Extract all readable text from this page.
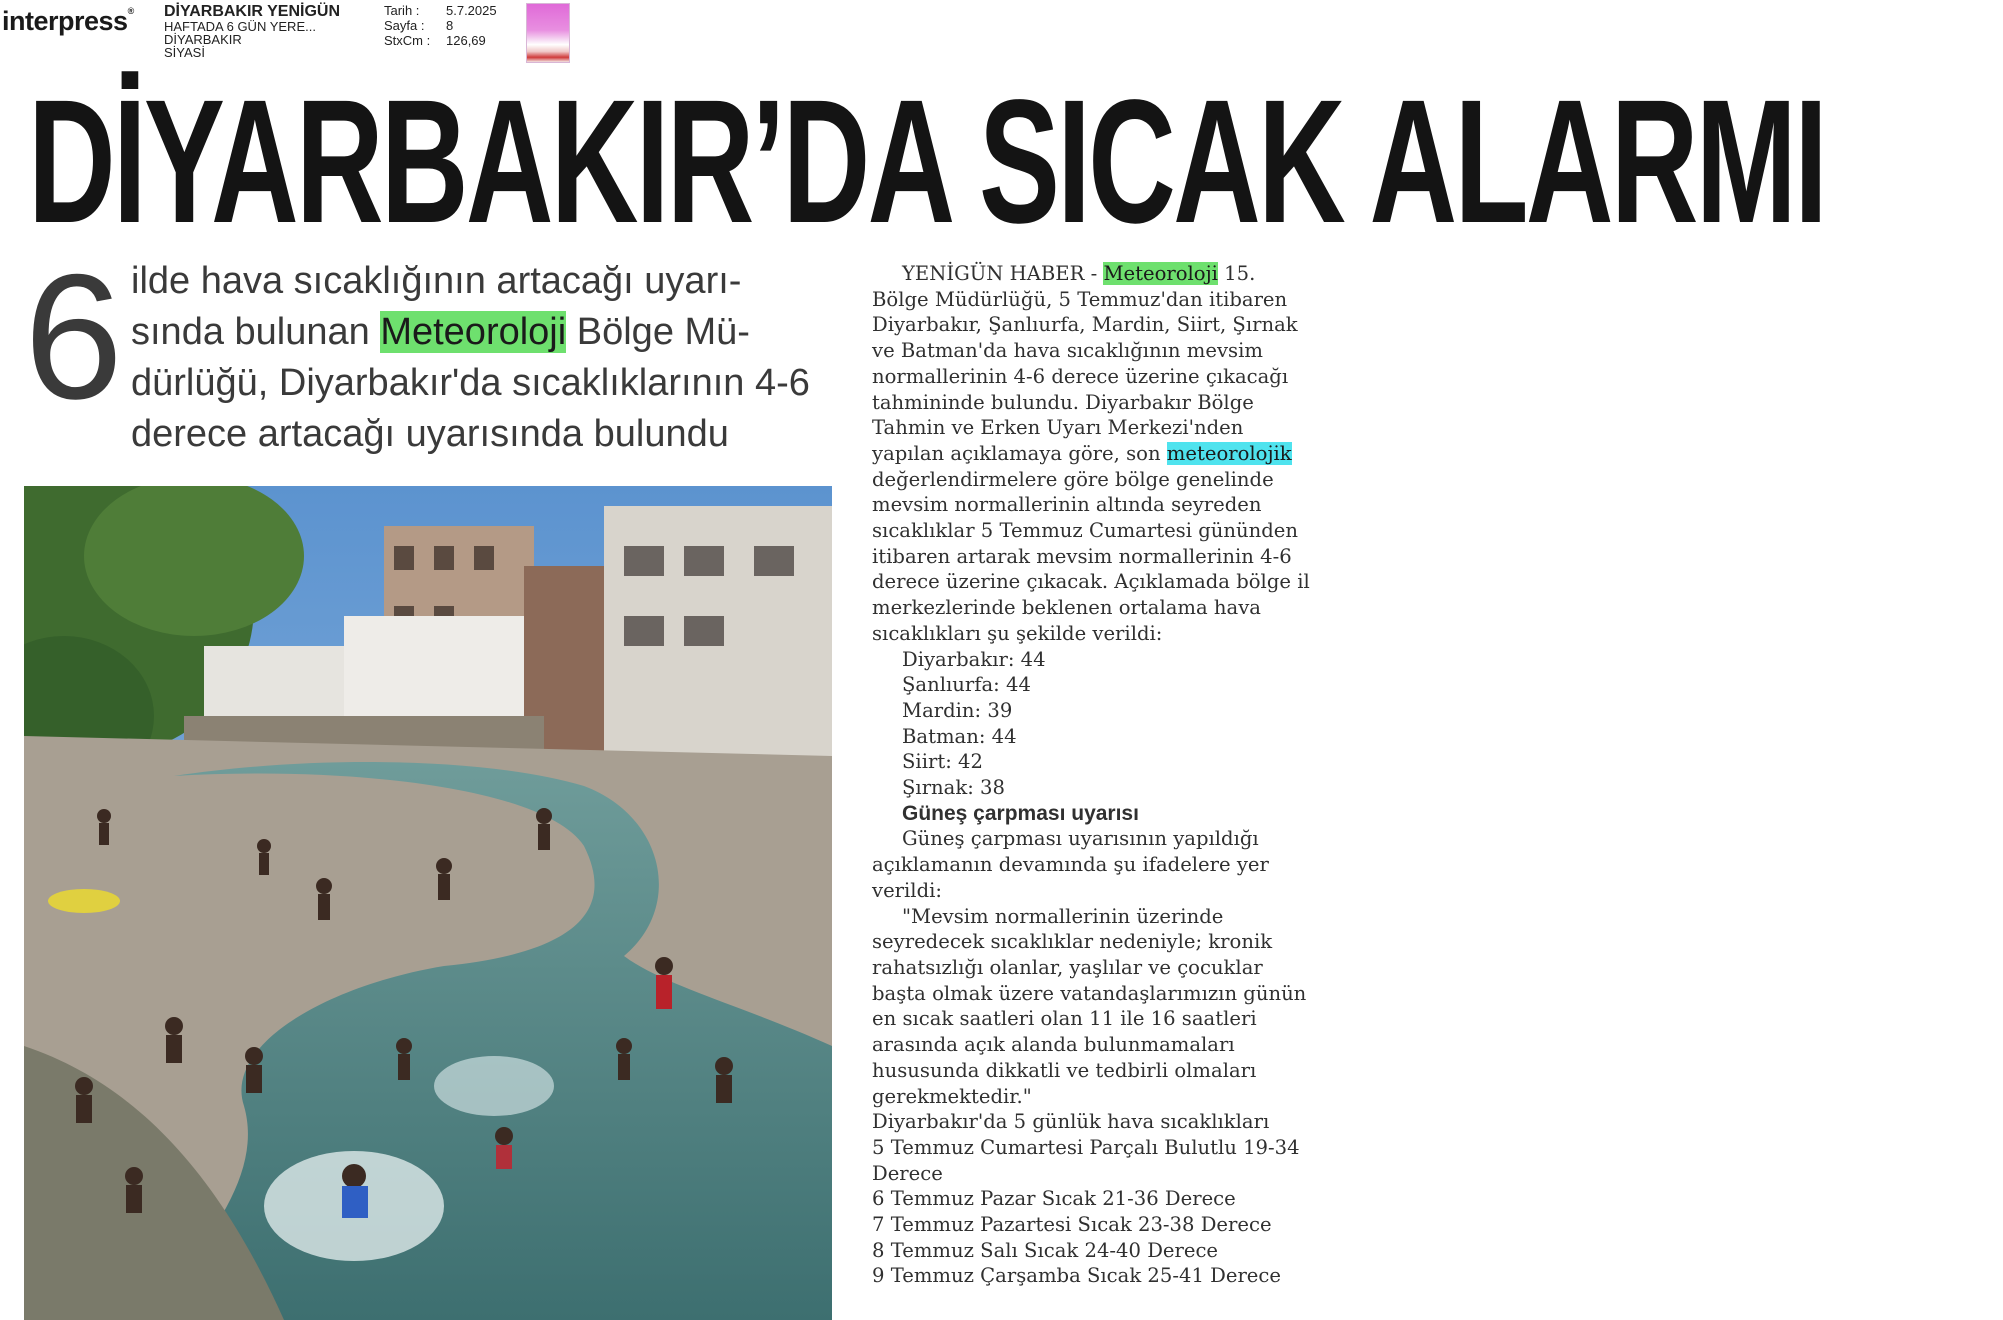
interpress® DİYARBAKIR YENİGÜN
HAFTADA 6 GÜN YERE...
DİYARBAKIR
SİYASİ
Tarih :	5.7.2025
Sayfa :	8
StxCm :	126,69
DİYARBAKIR’DA SICAK ALARMI
6 ilde hava sıcaklığının artacağı uyarı- sında bulunan Meteoroloji Bölge Mü- dürlüğü, Diyarbakır'da sıcaklıklarının 4-6 derece artacağı uyarısında bulundu

YENİGÜN HABER - Meteoroloji 15. Bölge Müdürlüğü, 5 Temmuz'dan itibaren Diyarbakır, Şanlıurfa, Mardin, Siirt, Şırnak ve Batman'da hava sıcaklığının mevsim normallerinin 4-6 derece üzerine çıkacağı tahmininde bulundu. Diyarbakır Bölge Tahmin ve Erken Uyarı Merkezi'nden yapılan açıklamaya göre, son meteorolojik değerlendirmelere göre bölge genelinde mevsim normallerinin altında seyreden sıcaklıklar 5 Temmuz Cumartesi gününden itibaren artarak mevsim normallerinin 4-6 derece üzerine çıkacak. Açıklamada bölge il merkezlerinde beklenen ortalama hava sıcaklıkları şu şekilde verildi:

Diyarbakır: 44
Şanlıurfa: 44
Mardin: 39
Batman: 44
Siirt: 42
Şırnak: 38
Güneş çarpması uyarısı

Güneş çarpması uyarısının yapıldığı açıklamanın devamında şu ifadelere yer verildi:

"Mevsim normallerinin üzerinde seyredecek sıcaklıklar nedeniyle; kronik rahatsızlığı olanlar, yaşlılar ve çocuklar başta olmak üzere vatandaşlarımızın günün en sıcak saatleri olan 11 ile 16 saatleri arasında açık alanda bulunmamaları hususunda dikkatli ve tedbirli olmaları gerekmektedir."

Diyarbakır'da 5 günlük hava sıcaklıkları
5 Temmuz Cumartesi Parçalı Bulutlu 19-34 Derece
6 Temmuz Pazar Sıcak 21-36 Derece
7 Temmuz Pazartesi Sıcak 23-38 Derece
8 Temmuz Salı Sıcak 24-40 Derece
9 Temmuz Çarşamba Sıcak 25-41 Derece
